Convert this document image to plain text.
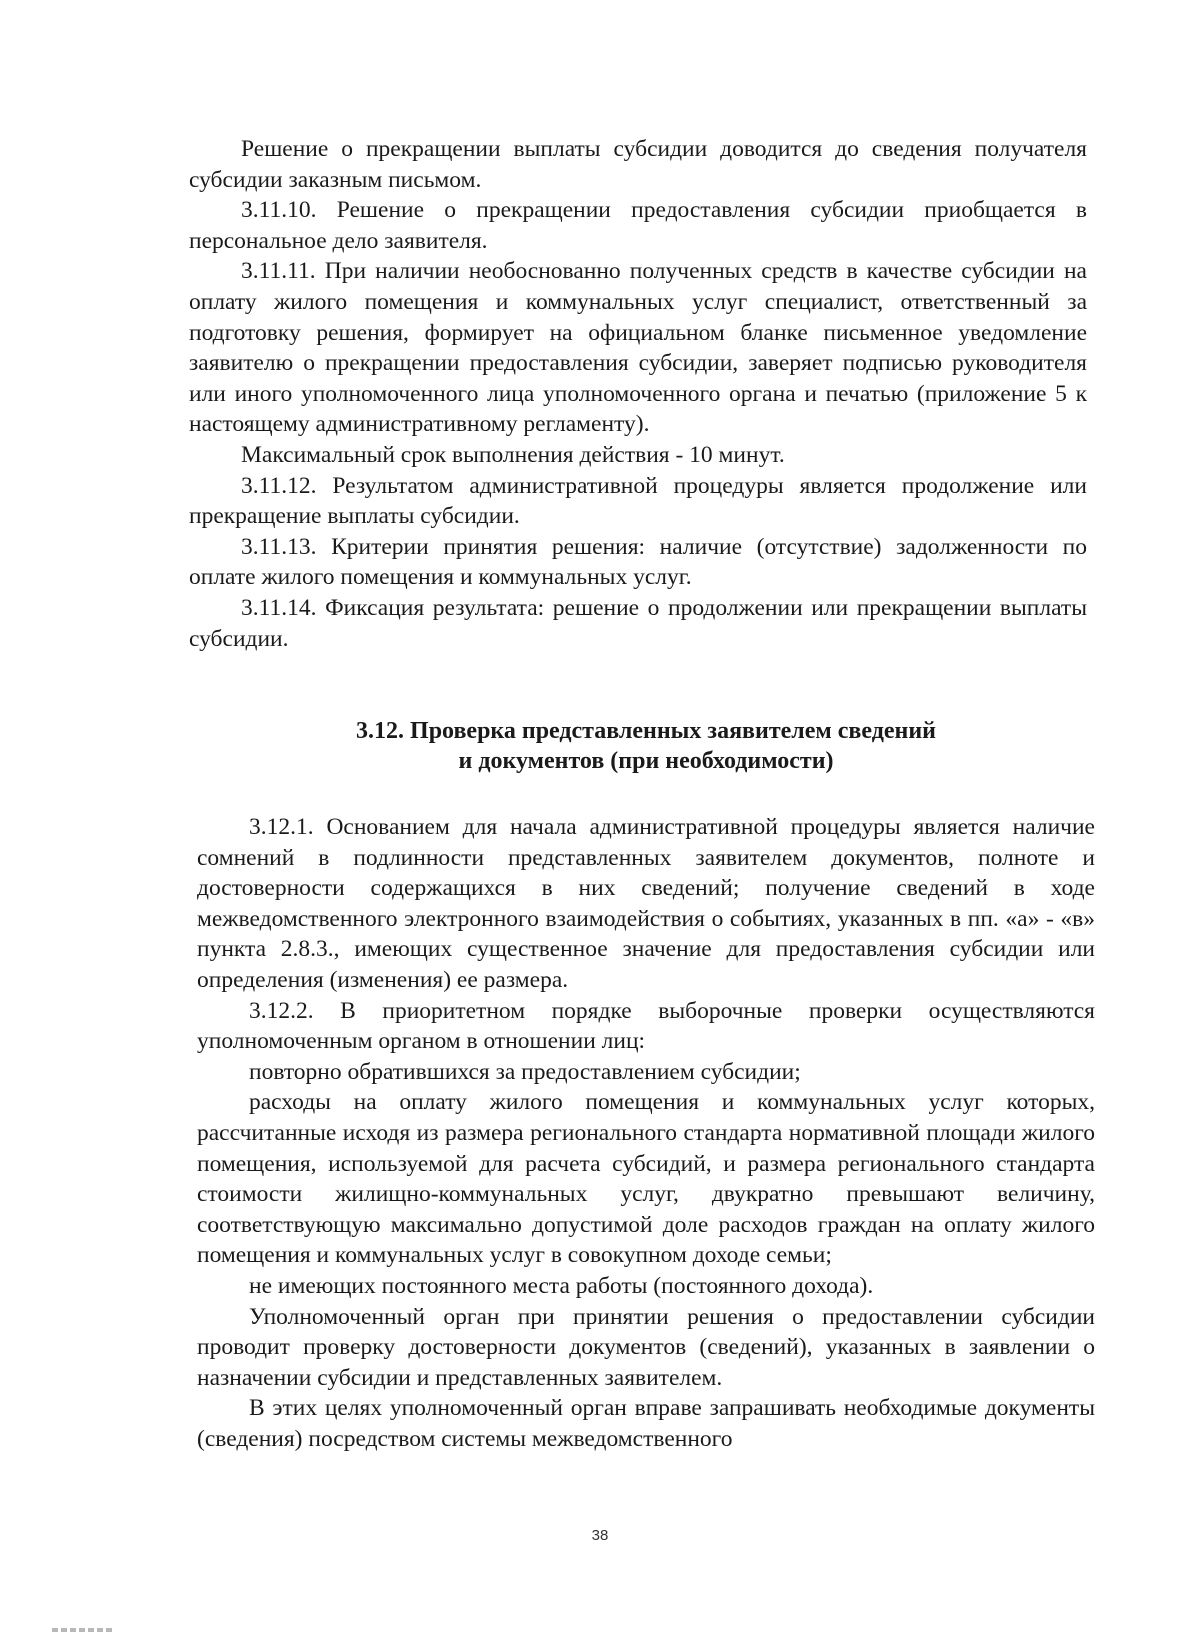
Решение о прекращении выплаты субсидии доводится до сведения получателя субсидии заказным письмом.

3.11.10. Решение о прекращении предоставления субсидии приобщается в персональное дело заявителя.

3.11.11. При наличии необоснованно полученных средств в качестве субсидии на оплату жилого помещения и коммунальных услуг специалист, ответственный за подготовку решения, формирует на официальном бланке письменное уведомление заявителю о прекращении предоставления субсидии, заверяет подписью руководителя или иного уполномоченного лица уполномоченного органа и печатью (приложение 5 к настоящему административному регламенту).

Максимальный срок выполнения действия - 10 минут.

3.11.12. Результатом административной процедуры является продолжение или прекращение выплаты субсидии.

3.11.13. Критерии принятия решения: наличие (отсутствие) задолженности по оплате жилого помещения и коммунальных услуг.

3.11.14. Фиксация результата: решение о продолжении или прекращении выплаты субсидии.

3.12. Проверка представленных заявителем сведений
и документов (при необходимости)

3.12.1. Основанием для начала административной процедуры является наличие сомнений в подлинности представленных заявителем документов, полноте и достоверности содержащихся в них сведений; получение сведений в ходе межведомственного электронного взаимодействия о событиях, указанных в пп. «а» - «в» пункта 2.8.3., имеющих существенное значение для предоставления субсидии или определения (изменения) ее размера.

3.12.2. В приоритетном порядке выборочные проверки осуществляются уполномоченным органом в отношении лиц:

повторно обратившихся за предоставлением субсидии;

расходы на оплату жилого помещения и коммунальных услуг которых, рассчитанные исходя из размера регионального стандарта нормативной площади жилого помещения, используемой для расчета субсидий, и размера регионального стандарта стоимости жилищно-коммунальных услуг, двукратно превышают величину, соответствующую максимально допустимой доле расходов граждан на оплату жилого помещения и коммунальных услуг в совокупном доходе семьи;

не имеющих постоянного места работы (постоянного дохода).

Уполномоченный орган при принятии решения о предоставлении субсидии проводит проверку достоверности документов (сведений), указанных в заявлении о назначении субсидии и представленных заявителем.

В этих целях уполномоченный орган вправе запрашивать необходимые документы (сведения) посредством системы межведомственного

38
